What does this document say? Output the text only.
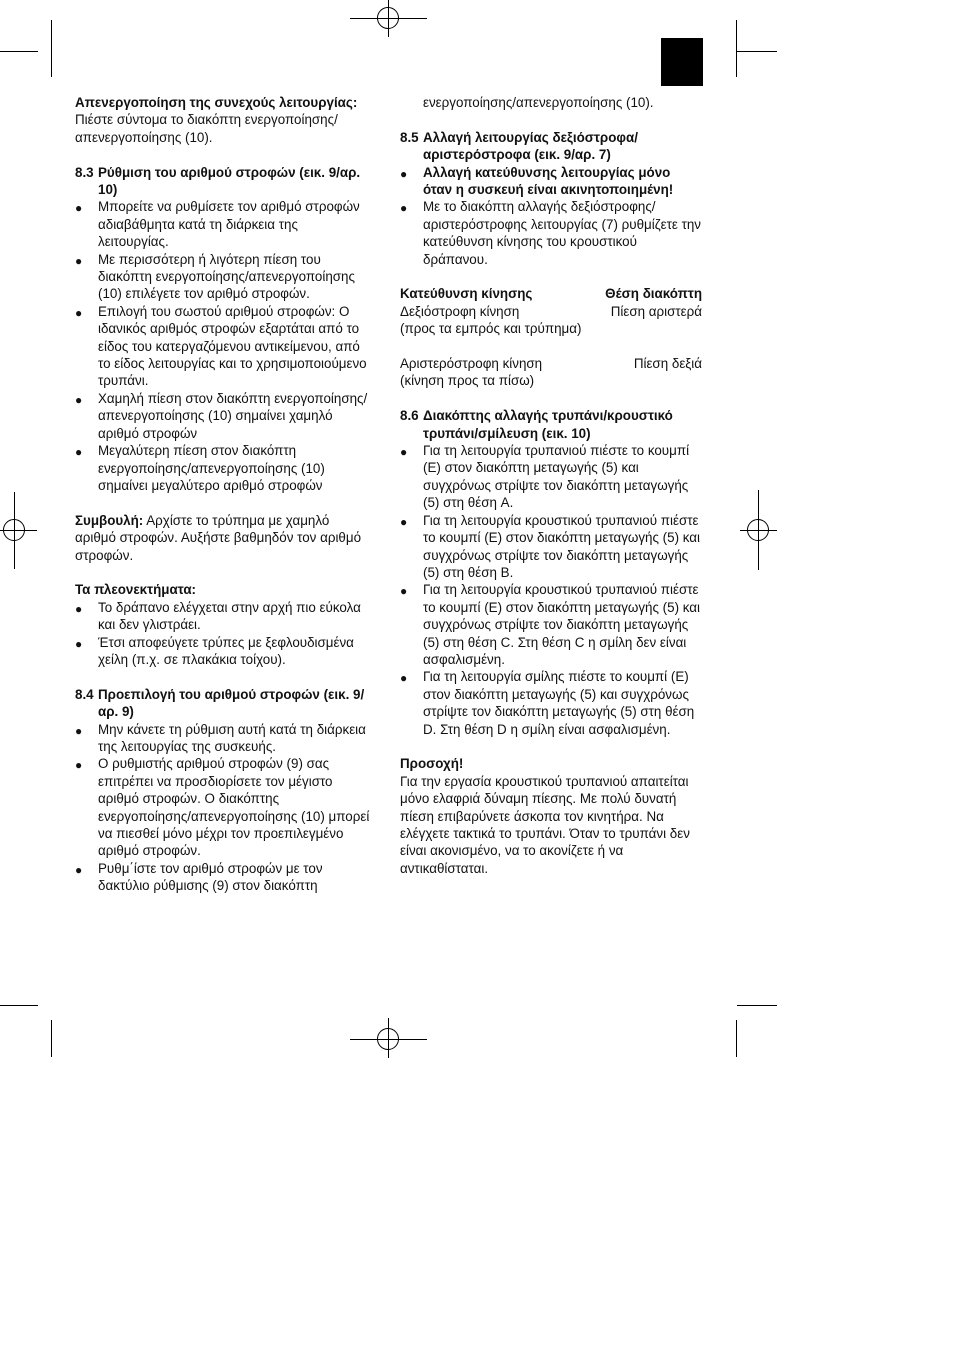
Απενεργοποίηση της συνεχούς λειτουργίας:
Πιέστε σύντομα το διακόπτη ενεργοποίησης/απενεργοποίησης (10).
8.3 Ρύθμιση του αριθμού στροφών (εικ. 9/αρ. 10)
●	Μπορείτε να ρυθμίσετε τον αριθμό στροφών αδιαβάθμητα κατά τη διάρκεια της λειτουργίας.
●	Με περισσότερη ή λιγότερη πίεση του διακόπτη ενεργοποίησης/απενεργοποίησης (10) επιλέγετε τον αριθμό στροφών.
●	Επιλογή του σωστού αριθμού στροφών: Ο ιδανικός αριθμός στροφών εξαρτάται από το είδος του κατεργαζόμενου αντικείμενου, από το είδος λειτουργίας και το χρησιμοποιούμενο τρυπάνι.
●	Χαμηλή πίεση στον διακόπτη ενεργοποίησης/απενεργοποίησης (10) σημαίνει χαμηλό αριθμό στροφών
●	Μεγαλύτερη πίεση στον διακόπτη ενεργοποίησης/απενεργοποίησης (10) σημαίνει μεγαλύτερο αριθμό στροφών
Συμβουλή: Αρχίστε το τρύπημα με χαμηλό αριθμό στροφών. Αυξήστε βαθμηδόν τον αριθμό στροφών.
Τα πλεονεκτήματα:
●	Το δράπανο ελέγχεται στην αρχή πιο εύκολα και δεν γλιστράει.
●	Έτσι αποφεύγετε τρύπες με ξεφλουδισμένα χείλη (π.χ. σε πλακάκια τοίχου).
8.4 Προεπιλογή του αριθμού στροφών (εικ. 9/αρ. 9)
●	Μην κάνετε τη ρύθμιση αυτή κατά τη διάρκεια της λειτουργίας της συσκευής.
●	Ο ρυθμιστής αριθμού στροφών (9) σας επιτρέπει να προσδιορίσετε τον μέγιστο αριθμό στροφών. Ο διακόπτης ενεργοποίησης/απενεργοποίησης (10) μπορεί να πιεσθεί μόνο μέχρι τον προεπιλεγμένο αριθμό στροφών.
●	Ρυθμ΄ίστε τον αριθμό στροφών με τον δακτύλιο ρύθμισης (9) στον διακόπτη
ενεργοποίησης/απενεργοποίησης (10).
8.5 Αλλαγή λειτουργίας δεξιόστροφα/αριστερόστροφα (εικ. 9/αρ. 7)
●	Αλλαγή κατεύθυνσης λειτουργίας μόνο όταν η συσκευή είναι ακινητοποιημένη!
●	Με το διακόπτη αλλαγής δεξιόστροφης/αριστερόστροφης λειτουργίας (7) ρυθμίζετε την κατεύθυνση κίνησης του κρουστικού δράπανου.
Κατεύθυνση κίνησης	Θέση διακόπτη
Δεξιόστροφη κίνηση	Πίεση αριστερά
(προς τα εμπρός και τρύπημα)
Αριστερόστροφη κίνηση	Πίεση δεξιά
(κίνηση προς τα πίσω)
8.6 Διακόπτης αλλαγής τρυπάνι/κρουστικό τρυπάνι/σμίλευση (εικ. 10)
●	Για τη λειτουργία τρυπανιού πιέστε το κουμπί (E) στον διακόπτη μεταγωγής (5) και συγχρόνως στρίψτε τον διακόπτη μεταγωγής (5) στη θέση A.
●	Για τη λειτουργία κρουστικού τρυπανιού πιέστε το κουμπί (E) στον διακόπτη μεταγωγής (5) και συγχρόνως στρίψτε τον διακόπτη μεταγωγής (5) στη θέση B.
●	Για τη λειτουργία κρουστικού τρυπανιού πιέστε το κουμπί (E) στον διακόπτη μεταγωγής (5) και συγχρόνως στρίψτε τον διακόπτη μεταγωγής (5) στη θέση C. Στη θέση C η σμίλη δεν είναι ασφαλισμένη.
●	Για τη λειτουργία σμίλης πιέστε το κουμπί (E) στον διακόπτη μεταγωγής (5) και συγχρόνως στρίψτε τον διακόπτη μεταγωγής (5) στη θέση D. Στη θέση D η σμίλη είναι ασφαλισμένη.
Προσοχή!
Για την εργασία κρουστικού τρυπανιού απαιτείται μόνο ελαφριά δύναμη πίεσης. Με πολύ δυνατή πίεση επιβαρύνετε άσκοπα τον κινητήρα. Να ελέγχετε τακτικά το τρυπάνι. Όταν το τρυπάνι δεν είναι ακονισμένο, να το ακονίζετε ή να αντικαθίσταται.
